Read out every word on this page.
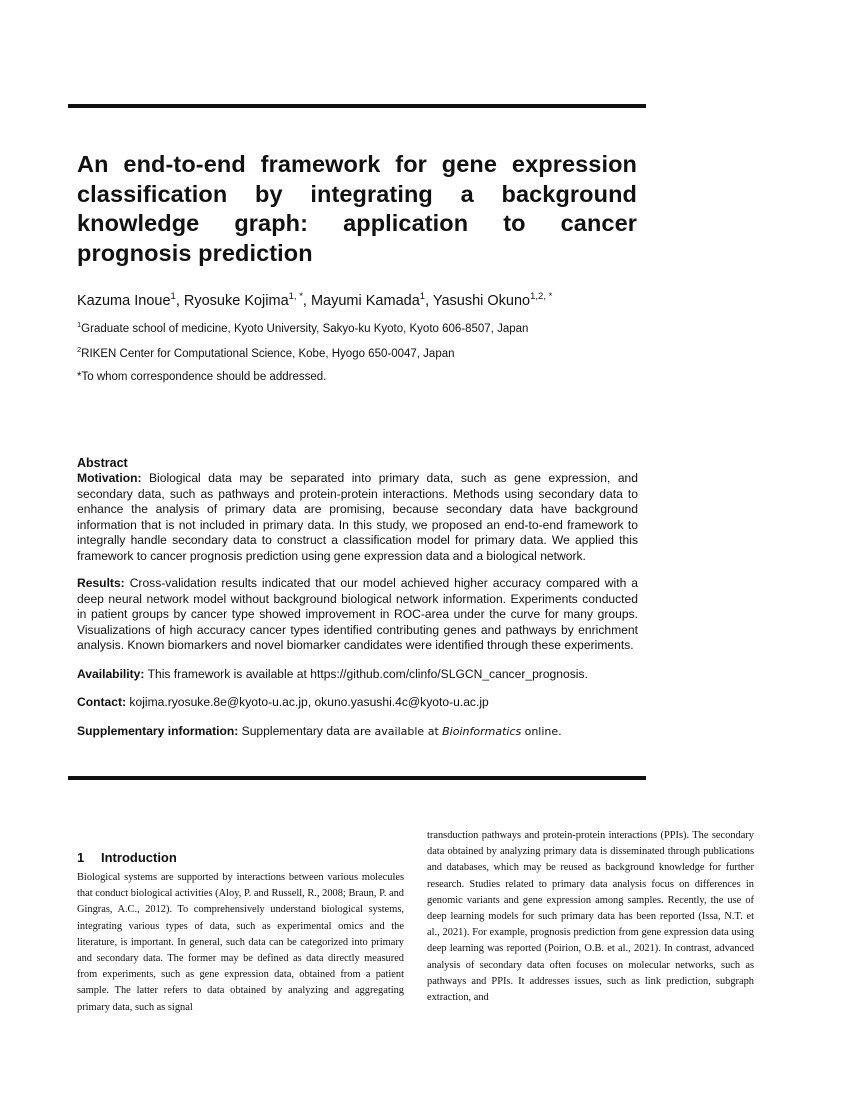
An end-to-end framework for gene expression classification by integrating a background knowledge graph: application to cancer prognosis prediction
Kazuma Inoue$^1$, Ryosuke Kojima$^{1, *}$, Mayumi Kamada$^1$, Yasushi Okuno$^{1,2, *}$
$^1$Graduate school of medicine, Kyoto University, Sakyo-ku Kyoto, Kyoto 606-8507, Japan
$^2$RIKEN Center for Computational Science, Kobe, Hyogo 650-0047, Japan
*To whom correspondence should be addressed.
Abstract

Motivation: Biological data may be separated into primary data, such as gene expression, and secondary data, such as pathways and protein-protein interactions. Methods using secondary data to enhance the analysis of primary data are promising, because secondary data have background information that is not included in primary data. In this study, we proposed an end-to-end framework to integrally handle secondary data to construct a classification model for primary data. We applied this framework to cancer prognosis prediction using gene expression data and a biological network.

Results: Cross-validation results indicated that our model achieved higher accuracy compared with a deep neural network model without background biological network information. Experiments conducted in patient groups by cancer type showed improvement in ROC-area under the curve for many groups. Visualizations of high accuracy cancer types identified contributing genes and pathways by enrichment analysis. Known biomarkers and novel biomarker candidates were identified through these experiments.

Availability: This framework is available at https://github.com/clinfo/SLGCN_cancer_prognosis.

Contact: kojima.ryosuke.8e@kyoto-u.ac.jp, okuno.yasushi.4c@kyoto-u.ac.jp

Supplementary information: Supplementary data are available at Bioinformatics online.

1 Introduction

Biological systems are supported by interactions between various molecules that conduct biological activities (Aloy, P. and Russell, R., 2008; Braun, P. and Gingras, A.C., 2012). To comprehensively understand biological systems, integrating various types of data, such as experimental omics and the literature, is important. In general, such data can be categorized into primary and secondary data. The former may be defined as data directly measured from experiments, such as gene expression data, obtained from a patient sample. The latter refers to data obtained by analyzing and aggregating primary data, such as signal

transduction pathways and protein-protein interactions (PPIs). The secondary data obtained by analyzing primary data is disseminated through publications and databases, which may be reused as background knowledge for further research. Studies related to primary data analysis focus on differences in genomic variants and gene expression among samples. Recently, the use of deep learning models for such primary data has been reported (Issa, N.T. et al., 2021). For example, prognosis prediction from gene expression data using deep learning was reported (Poirion, O.B. et al., 2021). In contrast, advanced analysis of secondary data often focuses on molecular networks, such as pathways and PPIs. It addresses issues, such as link prediction, subgraph extraction, and
